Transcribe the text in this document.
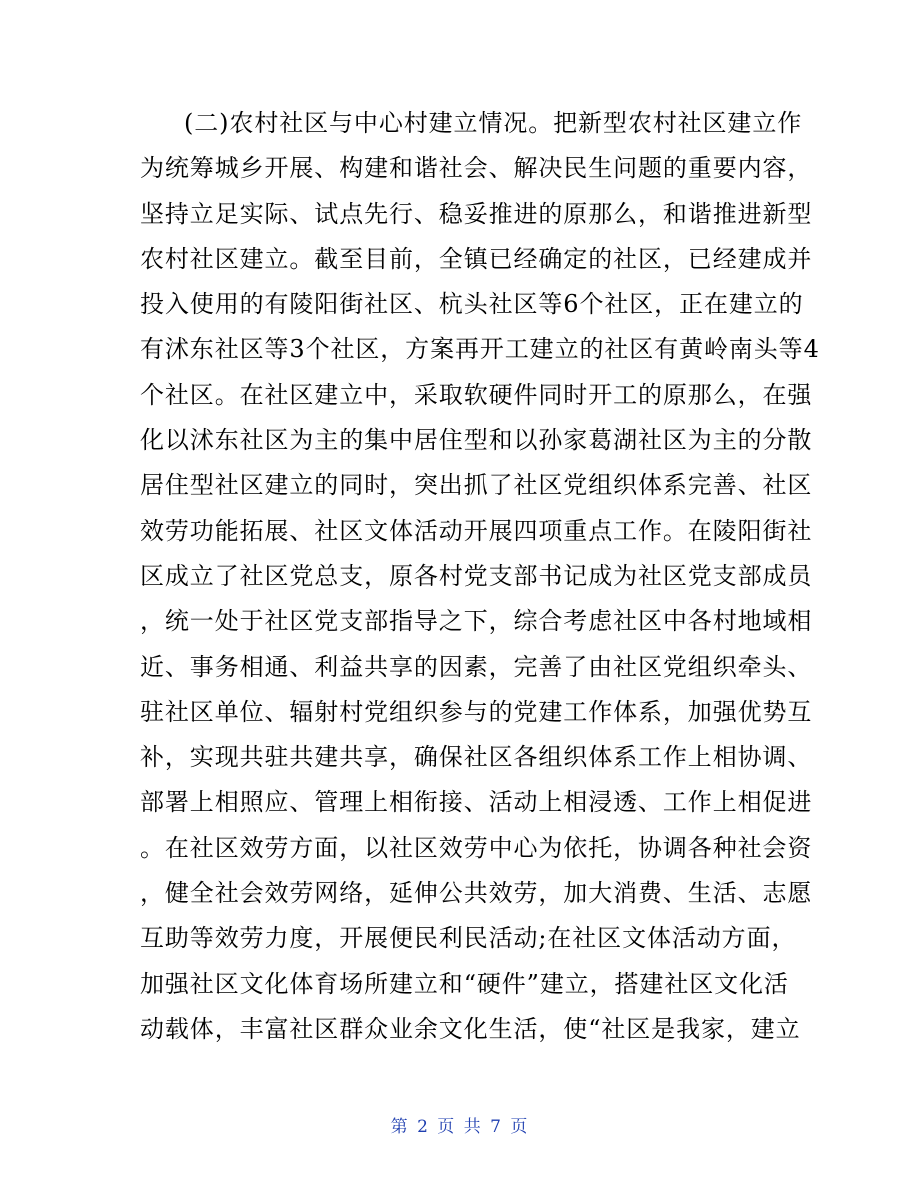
(二)农村社区与中心村建立情况。把新型农村社区建立作
为统筹城乡开展、构建和谐社会、解决民生问题的重要内容，
坚持立足实际、试点先行、稳妥推进的原那么，和谐推进新型
农村社区建立。截至目前，全镇已经确定的社区，已经建成并
投入使用的有陵阳街社区、杭头社区等6个社区，正在建立的
有沭东社区等3个社区，方案再开工建立的社区有黄岭南头等4
个社区。在社区建立中，采取软硬件同时开工的原那么，在强
化以沭东社区为主的集中居住型和以孙家葛湖社区为主的分散
居住型社区建立的同时，突出抓了社区党组织体系完善、社区
效劳功能拓展、社区文体活动开展四项重点工作。在陵阳街社
区成立了社区党总支，原各村党支部书记成为社区党支部成员
，统一处于社区党支部指导之下，综合考虑社区中各村地域相
近、事务相通、利益共享的因素，完善了由社区党组织牵头、
驻社区单位、辐射村党组织参与的党建工作体系，加强优势互
补，实现共驻共建共享，确保社区各组织体系工作上相协调、
部署上相照应、管理上相衔接、活动上相浸透、工作上相促进
。在社区效劳方面，以社区效劳中心为依托，协调各种社会资
，健全社会效劳网络，延伸公共效劳，加大消费、生活、志愿
互助等效劳力度，开展便民利民活动;在社区文体活动方面，
加强社区文化体育场所建立和“硬件”建立，搭建社区文化活
动载体，丰富社区群众业余文化生活，使“社区是我家，建立
第 2 页 共 7 页
